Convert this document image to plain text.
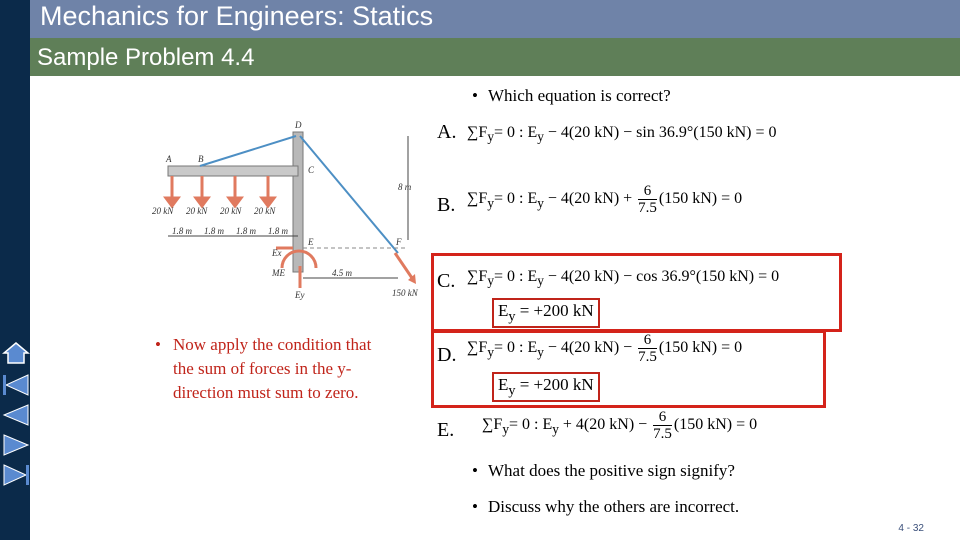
Mechanics for Engineers: Statics
Sample Problem 4.4
• Which equation is correct?
D
A	B
C
E	F
8 m
4.5 m
Ex
Ey
ME
150 kN
20 kN 20 kN 20 kN 20 kN
1.8 m 1.8 m 1.8 m 1.8 m
A. $\sum F_y= 0$ : $E_y - 4(20$ kN) − sin 36.9°(150 kN) = 0
B. $\sum F_y= 0$ : $E_y - 4(20$ $kN) + \frac{6}{7.5} (150$ kN) = 0
C. $\sum F_y= 0$ : $E_y - 4(20$ kN) − cos 36.9°(150 kN) = 0
$E_y = +200$ kN
D. $\sum F_y= 0$ : $E_y - 4(20$ $kN) - \frac{6}{7.5} (150$ kN) = 0
$E_y = +200$ kN
E. $\sum F_y= 0$ : $E_y + 4(20$ $kN) - \frac{6}{7.5} (150$ kN) = 0
• Now apply the condition that the sum of forces in the y-direction must sum to zero.
• What does the positive sign signify?
• Discuss why the others are incorrect.
4 - 32
